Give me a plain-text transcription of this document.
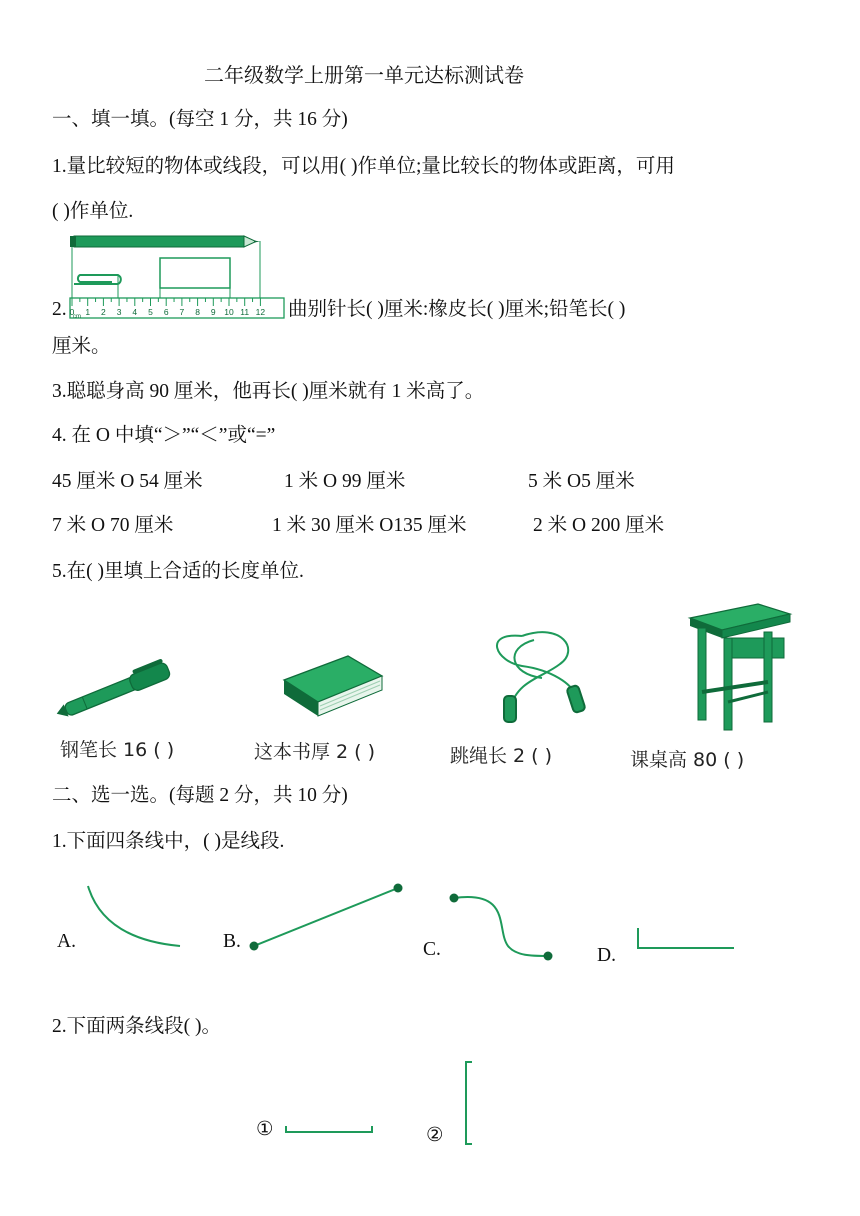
二年级数学上册第一单元达标测试卷
一、填一填。(每空 1 分，共 16 分)
1.量比较短的物体或线段，可以用( )作单位;量比较长的物体或距离，可用
( )作单位.
2. 0 1 2 3 4 5 6 7 8 9 10 11 12
cm	曲别针长( )厘米:橡皮长( )厘米;铅笔长( )
厘米。
3.聪聪身高 90 厘米，他再长( )厘米就有 1 米高了。
4. 在 O 中填“＞”“＜”或“=”
45 厘米 O 54 厘米	1 米 O 99 厘米	5 米 O5 厘米
7 米 O 70 厘米	1 米 30 厘米 O135 厘米	2 米 O 200 厘米
5.在( )里填上合适的长度单位.
钢笔长 16 ( )	这本书厚 2 ( )	跳绳长 2 ( )	课桌高 80 ( )
二、选一选。(每题 2 分，共 10 分)
1.下面四条线中，( )是线段.
A.	B.	C.	D.
2.下面两条线段( )。
①	②
